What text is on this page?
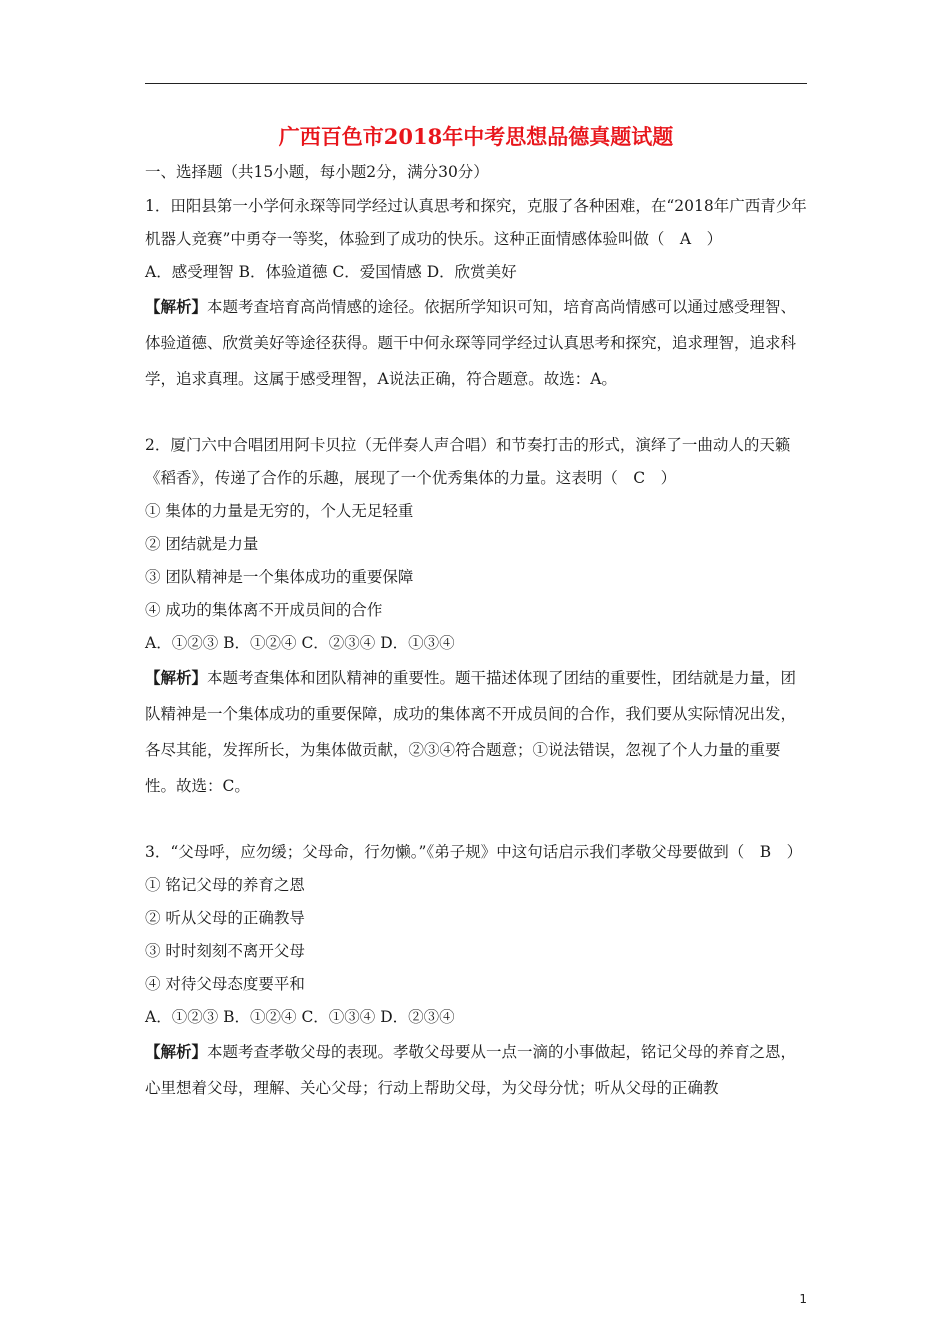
广西百色市2018年中考思想品德真题试题
一、选择题（共15小题，每小题2分，满分30分）

1．田阳县第一小学何永琛等同学经过认真思考和探究，克服了各种困难，在“2018年广西青少年机器人竞赛”中勇夺一等奖，体验到了成功的快乐。这种正面情感体验叫做（　A　）

A．感受理智 B．体验道德 C．爱国情感 D．欣赏美好

【解析】本题考查培育高尚情感的途径。依据所学知识可知，培育高尚情感可以通过感受理智、体验道德、欣赏美好等途径获得。题干中何永琛等同学经过认真思考和探究，追求理智，追求科学，追求真理。这属于感受理智，A说法正确，符合题意。故选：A。

2．厦门六中合唱团用阿卡贝拉（无伴奏人声合唱）和节奏打击的形式，演绎了一曲动人的天籁《稻香》，传递了合作的乐趣，展现了一个优秀集体的力量。这表明（　C　）

① 集体的力量是无穷的，个人无足轻重

② 团结就是力量

③ 团队精神是一个集体成功的重要保障

④ 成功的集体离不开成员间的合作

A．①②③ B．①②④ C．②③④ D．①③④

【解析】本题考查集体和团队精神的重要性。题干描述体现了团结的重要性，团结就是力量，团队精神是一个集体成功的重要保障，成功的集体离不开成员间的合作，我们要从实际情况出发，各尽其能，发挥所长，为集体做贡献，②③④符合题意；①说法错误，忽视了个人力量的重要性。故选：C。

3．“父母呼，应勿缓；父母命，行勿懒。”《弟子规》中这句话启示我们孝敬父母要做到（　B　）

① 铭记父母的养育之恩

② 听从父母的正确教导

③ 时时刻刻不离开父母

④ 对待父母态度要平和

A．①②③ B．①②④ C．①③④ D．②③④

【解析】本题考查孝敬父母的表现。孝敬父母要从一点一滴的小事做起，铭记父母的养育之恩，心里想着父母，理解、关心父母；行动上帮助父母，为父母分忧；听从父母的正确教

1
